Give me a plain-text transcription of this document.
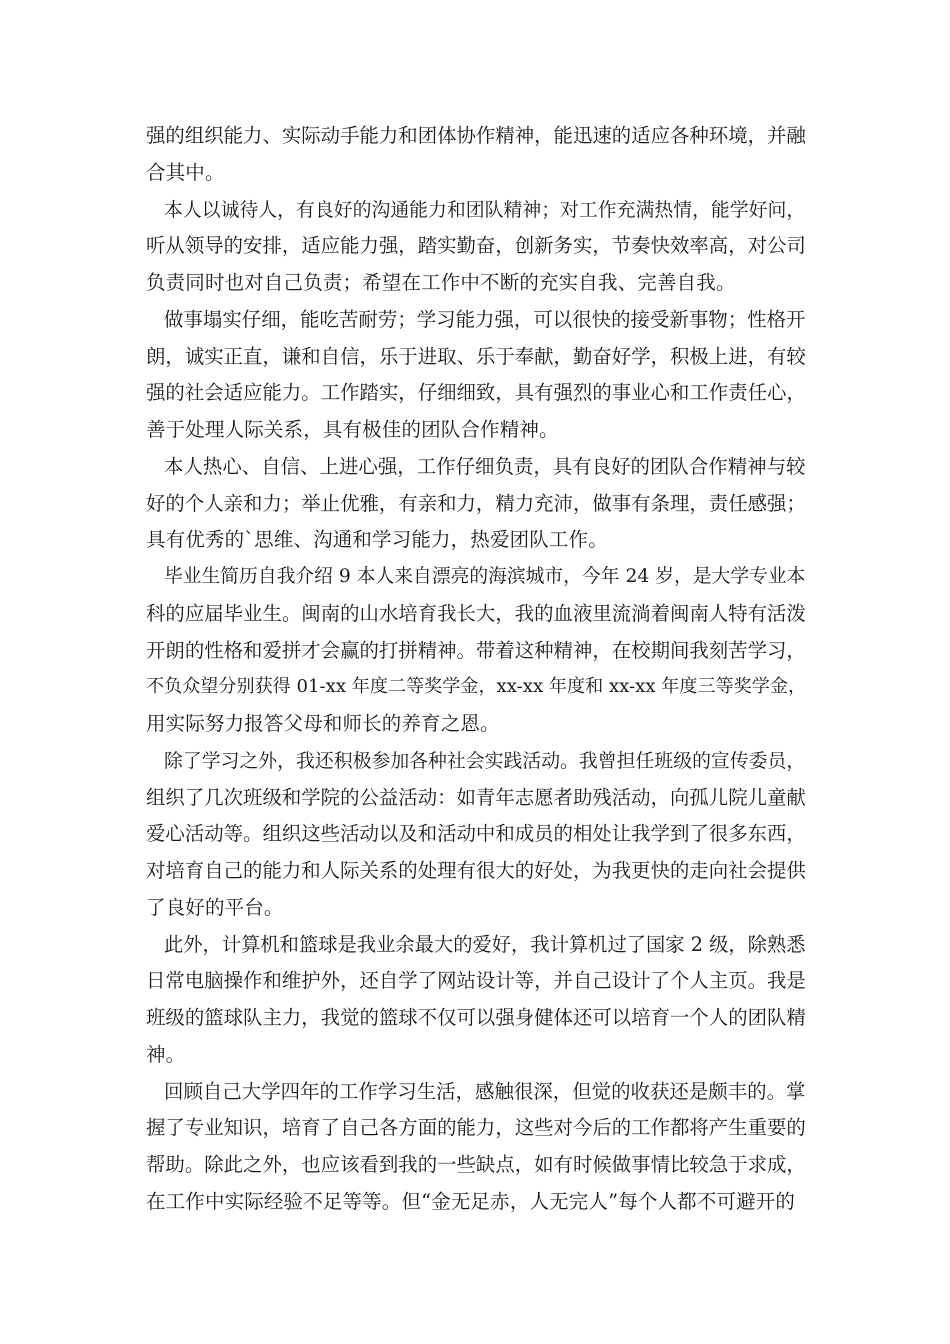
强的组织能力、实际动手能力和团体协作精神，能迅速的适应各种环境，并融
合其中。
本人以诚待人，有良好的沟通能力和团队精神；对工作充满热情，能学好问，
听从领导的安排，适应能力强，踏实勤奋，创新务实，节奏快效率高，对公司
负责同时也对自己负责；希望在工作中不断的充实自我、完善自我。
做事塌实仔细，能吃苦耐劳；学习能力强，可以很快的接受新事物；性格开
朗，诚实正直，谦和自信，乐于进取、乐于奉献，勤奋好学，积极上进，有较
强的社会适应能力。工作踏实，仔细细致，具有强烈的事业心和工作责任心，
善于处理人际关系，具有极佳的团队合作精神。
本人热心、自信、上进心强，工作仔细负责，具有良好的团队合作精神与较
好的个人亲和力；举止优雅，有亲和力，精力充沛，做事有条理，责任感强；
具有优秀的`思维、沟通和学习能力，热爱团队工作。
毕业生简历自我介绍 9 本人来自漂亮的海滨城市，今年 24 岁，是大学专业本
科的应届毕业生。闽南的山水培育我长大，我的血液里流淌着闽南人特有活泼
开朗的性格和爱拼才会赢的打拼精神。带着这种精神，在校期间我刻苦学习，
不负众望分别获得 01-xx 年度二等奖学金，xx-xx 年度和 xx-xx 年度三等奖学金，
用实际努力报答父母和师长的养育之恩。
除了学习之外，我还积极参加各种社会实践活动。我曾担任班级的宣传委员，
组织了几次班级和学院的公益活动：如青年志愿者助残活动，向孤儿院儿童献
爱心活动等。组织这些活动以及和活动中和成员的相处让我学到了很多东西，
对培育自己的能力和人际关系的处理有很大的好处，为我更快的走向社会提供
了良好的平台。
此外，计算机和篮球是我业余最大的爱好，我计算机过了国家 2 级，除熟悉
日常电脑操作和维护外，还自学了网站设计等，并自己设计了个人主页。我是
班级的篮球队主力，我觉的篮球不仅可以强身健体还可以培育一个人的团队精
神。
回顾自己大学四年的工作学习生活，感触很深，但觉的收获还是颇丰的。掌
握了专业知识，培育了自己各方面的能力，这些对今后的工作都将产生重要的
帮助。除此之外，也应该看到我的一些缺点，如有时候做事情比较急于求成，
在工作中实际经验不足等等。但“金无足赤，人无完人”每个人都不可避开的
